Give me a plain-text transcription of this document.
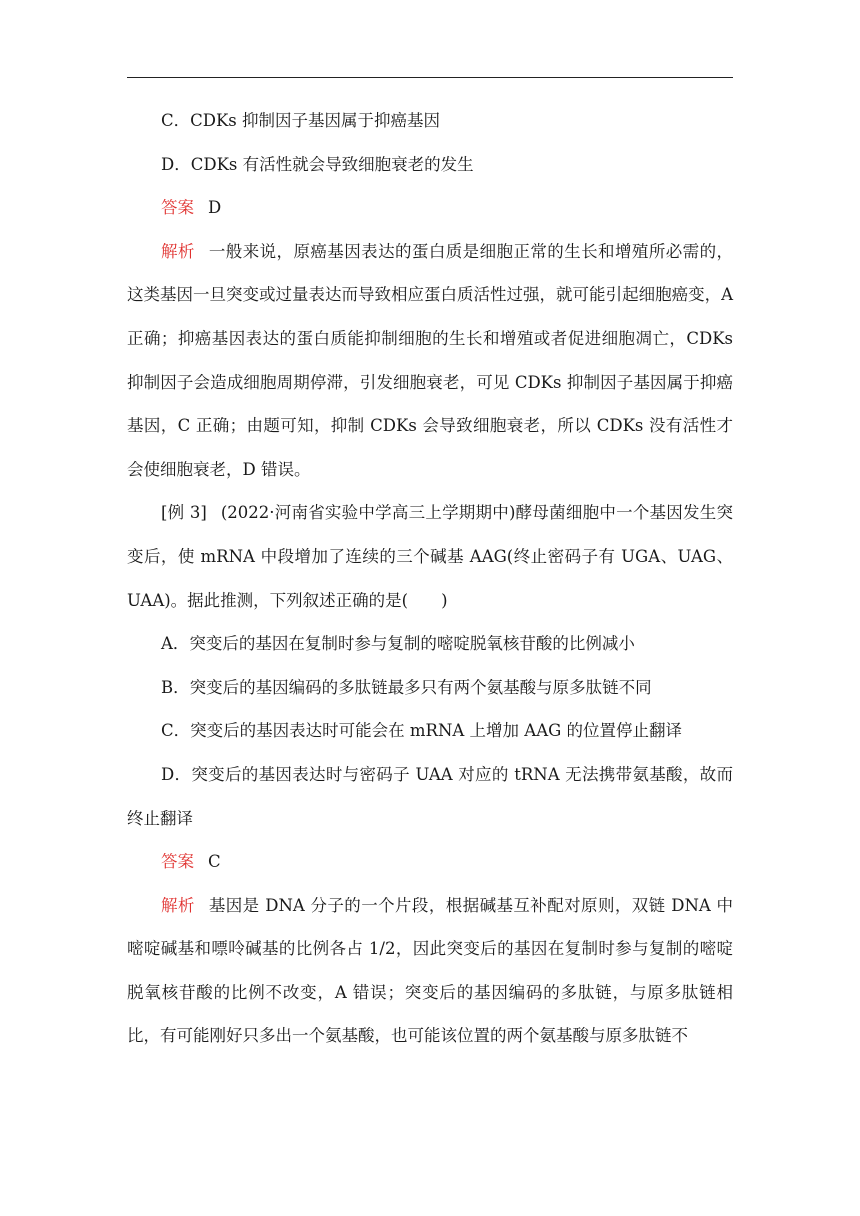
C．CDKs 抑制因子基因属于抑癌基因

D．CDKs 有活性就会导致细胞衰老的发生

答案 D

解析 一般来说，原癌基因表达的蛋白质是细胞正常的生长和增殖所必需的，这类基因一旦突变或过量表达而导致相应蛋白质活性过强，就可能引起细胞癌变，A 正确；抑癌基因表达的蛋白质能抑制细胞的生长和增殖或者促进细胞凋亡，CDKs 抑制因子会造成细胞周期停滞，引发细胞衰老，可见 CDKs 抑制因子基因属于抑癌基因，C 正确；由题可知，抑制 CDKs 会导致细胞衰老，所以 CDKs 没有活性才会使细胞衰老，D 错误。

[例 3] (2022·河南省实验中学高三上学期期中)酵母菌细胞中一个基因发生突变后，使 mRNA 中段增加了连续的三个碱基 AAG(终止密码子有 UGA、UAG、UAA)。据此推测，下列叙述正确的是(　　)

A．突变后的基因在复制时参与复制的嘧啶脱氧核苷酸的比例减小

B．突变后的基因编码的多肽链最多只有两个氨基酸与原多肽链不同

C．突变后的基因表达时可能会在 mRNA 上增加 AAG 的位置停止翻译

D．突变后的基因表达时与密码子 UAA 对应的 tRNA 无法携带氨基酸，故而终止翻译

答案 C

解析 基因是 DNA 分子的一个片段，根据碱基互补配对原则，双链 DNA 中嘧啶碱基和嘌呤碱基的比例各占 1/2，因此突变后的基因在复制时参与复制的嘧啶脱氧核苷酸的比例不改变，A 错误；突变后的基因编码的多肽链，与原多肽链相比，有可能刚好只多出一个氨基酸，也可能该位置的两个氨基酸与原多肽链不
